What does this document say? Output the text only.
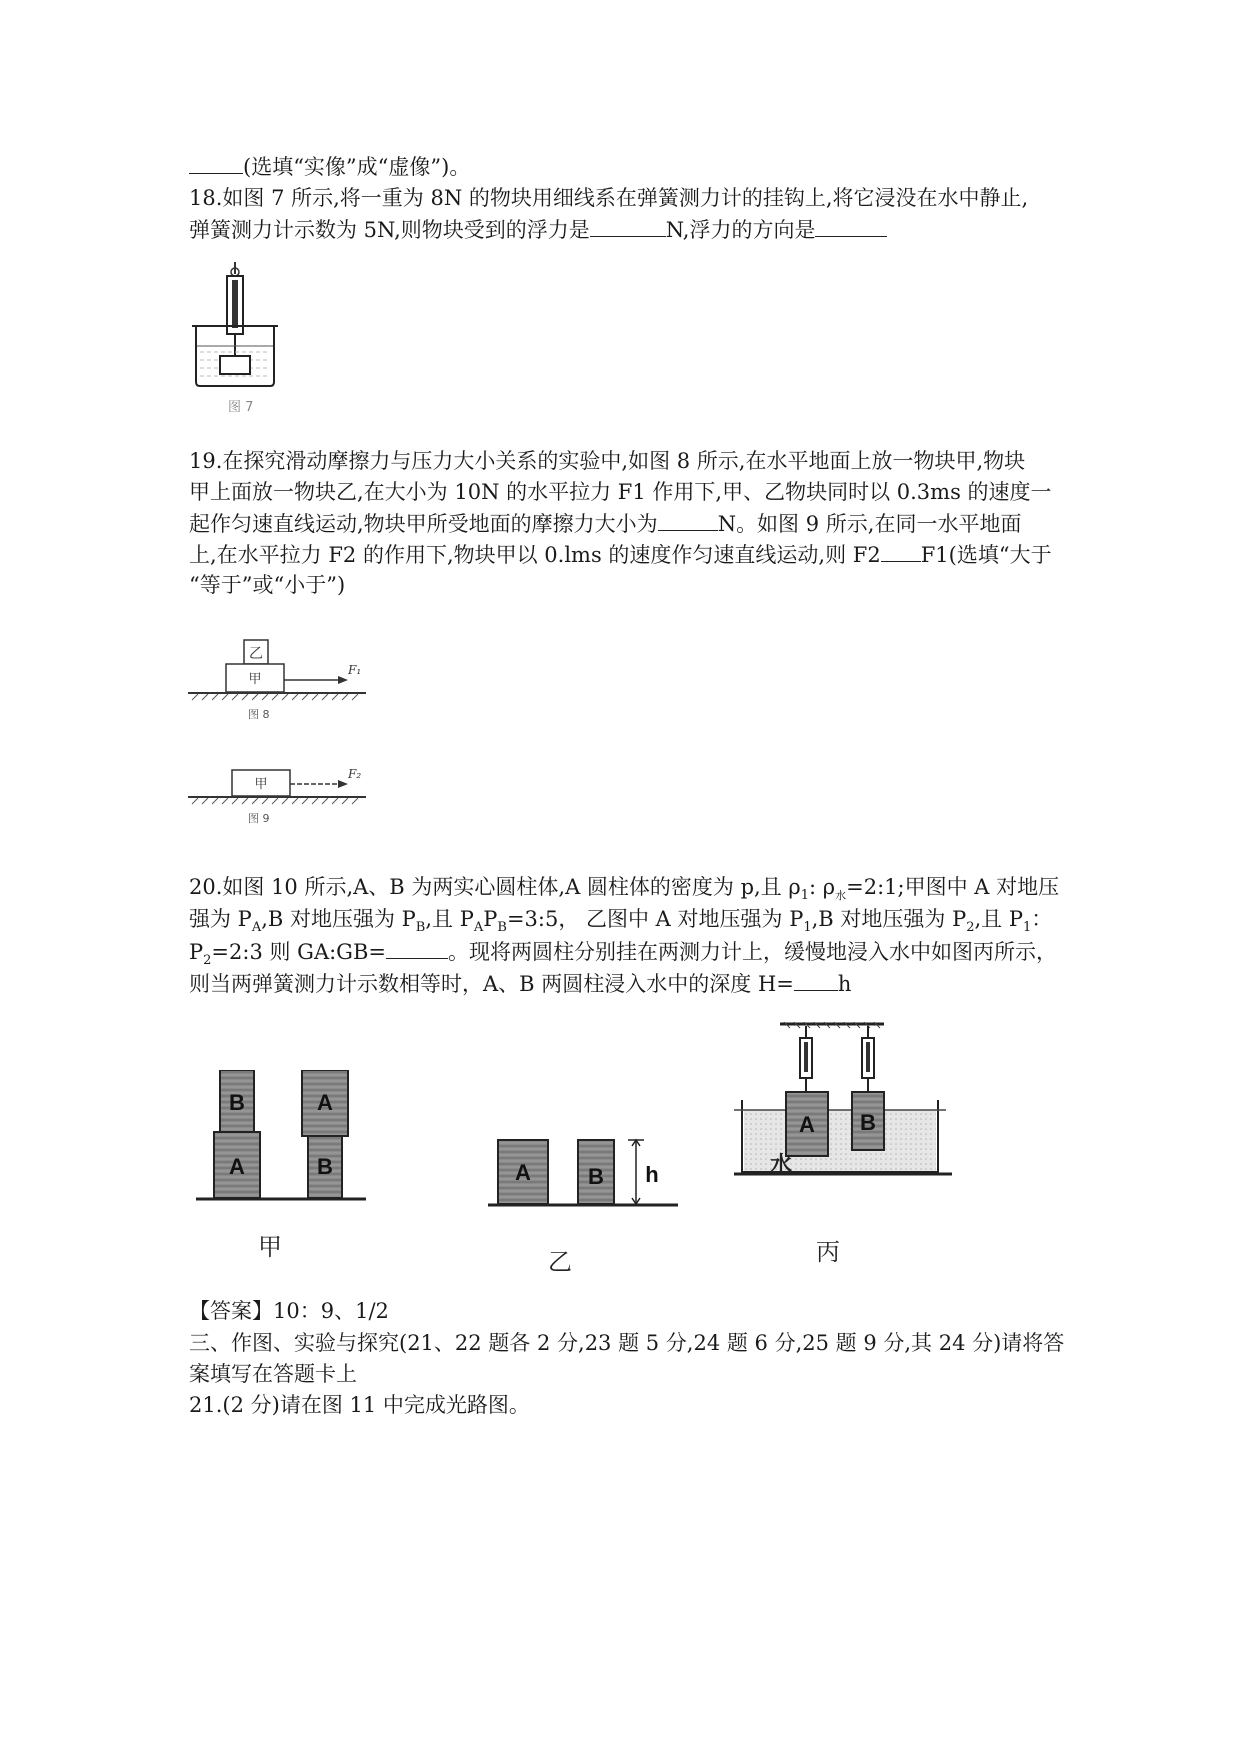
(选填“实像”成“虚像”)。
18.如图 7 所示,将一重为 8N 的物块用细线系在弹簧测力计的挂钩上,将它浸没在水中静止,
弹簧测力计示数为 5N,则物块受到的浮力是	N,浮力的方向是
图 7
19.在探究滑动摩擦力与压力大小关系的实验中,如图 8 所示,在水平地面上放一物块甲,物块
甲上面放一物块乙,在大小为 10N 的水平拉力 F1 作用下,甲、乙物块同时以 0.3ms 的速度一
起作匀速直线运动,物块甲所受地面的摩擦力大小为	N。如图 9 所示,在同一水平地面
上,在水平拉力 F2 的作用下,物块甲以 0.lms 的速度作匀速直线运动,则 F2 F1(选填“大于
“等于”或“小于”)
乙
甲
F₁
图 8
甲
F₂
图 9
20.如图 10 所示,A、B 为两实心圆柱体,A 圆柱体的密度为 p,且 $\rho_1$: $\rho_水=2:1$;甲图中 A 对地压
强为 $P_A,B$ 对地压强为 $P_B$,且 $P_AP_B=3:5$， 乙图中 A 对地压强为 $P_1,B$ 对地压强为 $P_2$,且 $P_1$：
$P_2=2:3$ 则 GA:GB=	。现将两圆柱分别挂在两测力计上，缓慢地浸入水中如图丙所示，
则当两弹簧测力计示数相等时，A、B 两圆柱浸入水中的深度 H= h
B
A
A
B
甲
A	B h
乙
A B
水
丙
【答案】10：9、1/2
三、作图、实验与探究(21、22 题各 2 分,23 题 5 分,24 题 6 分,25 题 9 分,其 24 分)请将答
案填写在答题卡上
21.(2 分)请在图 11 中完成光路图。
